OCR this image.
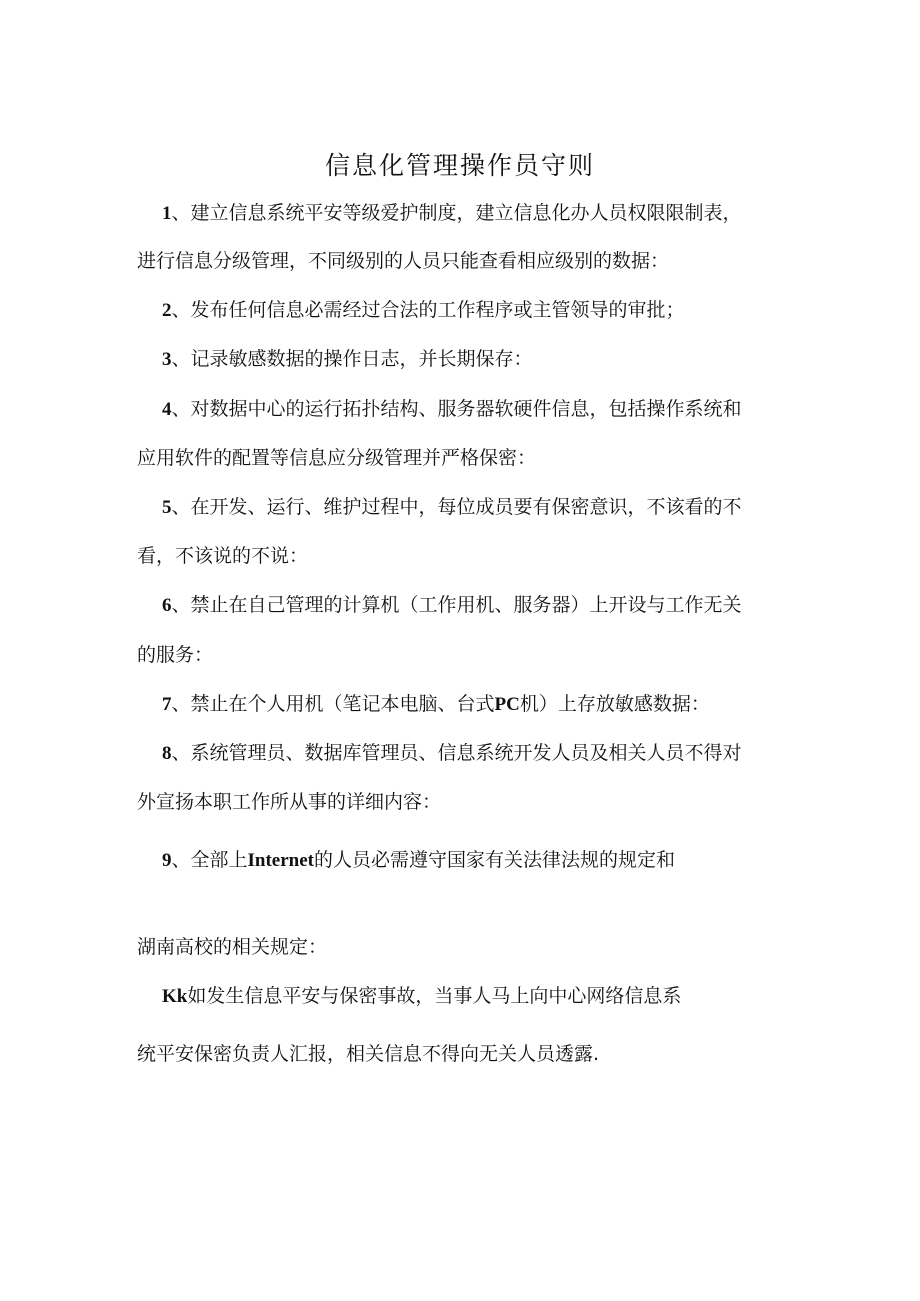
信息化管理操作员守则

1、建立信息系统平安等级爱护制度，建立信息化办人员权限限制表，

进行信息分级管理，不同级别的人员只能查看相应级别的数据：

2、发布任何信息必需经过合法的工作程序或主管领导的审批；

3、记录敏感数据的操作日志，并长期保存：

4、对数据中心的运行拓扑结构、服务器软硬件信息，包括操作系统和

应用软件的配置等信息应分级管理并严格保密：

5、在开发、运行、维护过程中，每位成员要有保密意识，不该看的不

看，不该说的不说：

6、禁止在自己管理的计算机（工作用机、服务器）上开设与工作无关

的服务：

7、禁止在个人用机（笔记本电脑、台式PC机）上存放敏感数据：

8、系统管理员、数据库管理员、信息系统开发人员及相关人员不得对

外宣扬本职工作所从事的详细内容：

9、全部上Internet的人员必需遵守国家有关法律法规的规定和

湖南高校的相关规定：

Kk如发生信息平安与保密事故，当事人马上向中心网络信息系

统平安保密负责人汇报，相关信息不得向无关人员透露.
